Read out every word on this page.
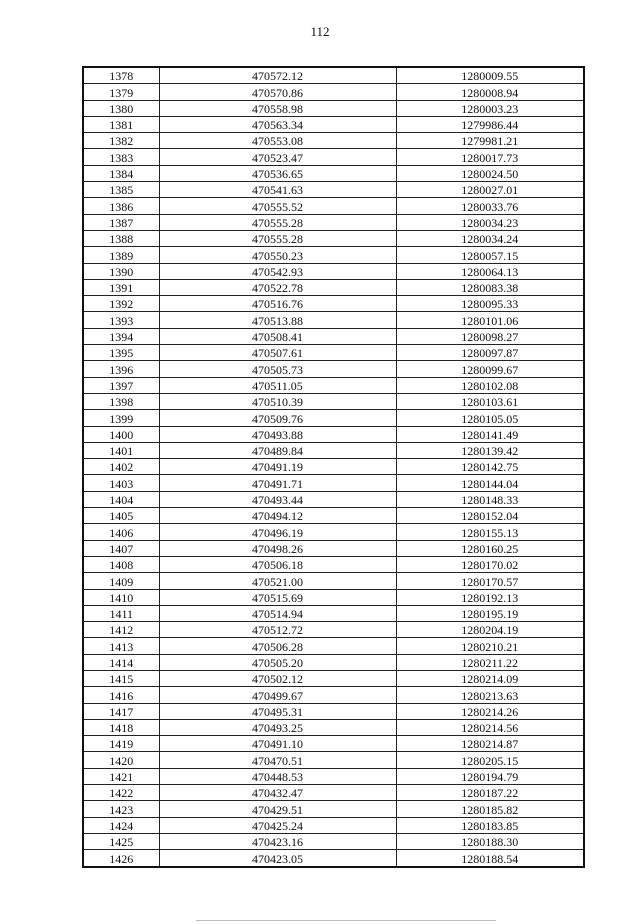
112
1378	470572.12	1280009.55
1379	470570.86	1280008.94
1380	470558.98	1280003.23
1381	470563.34	1279986.44
1382	470553.08	1279981.21
1383	470523.47	1280017.73
1384	470536.65	1280024.50
1385	470541.63	1280027.01
1386	470555.52	1280033.76
1387	470555.28	1280034.23
1388	470555.28	1280034.24
1389	470550.23	1280057.15
1390	470542.93	1280064.13
1391	470522.78	1280083.38
1392	470516.76	1280095.33
1393	470513.88	1280101.06
1394	470508.41	1280098.27
1395	470507.61	1280097.87
1396	470505.73	1280099.67
1397	470511.05	1280102.08
1398	470510.39	1280103.61
1399	470509.76	1280105.05
1400	470493.88	1280141.49
1401	470489.84	1280139.42
1402	470491.19	1280142.75
1403	470491.71	1280144.04
1404	470493.44	1280148.33
1405	470494.12	1280152.04
1406	470496.19	1280155.13
1407	470498.26	1280160.25
1408	470506.18	1280170.02
1409	470521.00	1280170.57
1410	470515.69	1280192.13
1411	470514.94	1280195.19
1412	470512.72	1280204.19
1413	470506.28	1280210.21
1414	470505.20	1280211.22
1415	470502.12	1280214.09
1416	470499.67	1280213.63
1417	470495.31	1280214.26
1418	470493.25	1280214.56
1419	470491.10	1280214.87
1420	470470.51	1280205.15
1421	470448.53	1280194.79
1422	470432.47	1280187.22
1423	470429.51	1280185.82
1424	470425.24	1280183.85
1425	470423.16	1280188.30
1426	470423.05	1280188.54
